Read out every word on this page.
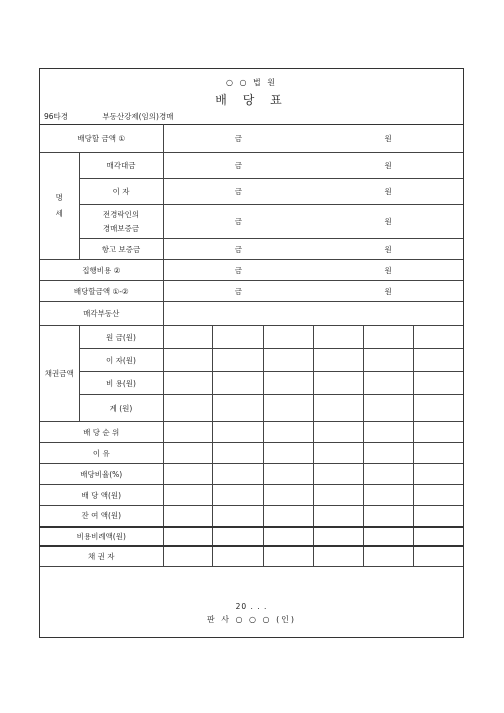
○ ○ 법 원
배 당 표
96타경	부동산강제(임의)경매
배당할 금액 ①		금 원					
명
세	매각대금	금 원					
	이 자	금 원					
	전경락인의
경매보증금	금 원					
	항고 보증금	금 원					
집행비용 ②		금 원					
배당할금액 ①-②		금 원					
매각부동산							
채권금액	원 금(원)						
	이 자(원)						
	비 용(원)						
	계 (원)						
배 당 순 위							
이 유							
배당비율(%)							
배 당 액(원)							
잔 여 액(원)							
비용비례액(원)							
채 권 자							
20 . . .
판 사 ○ ○ ○ (인)
